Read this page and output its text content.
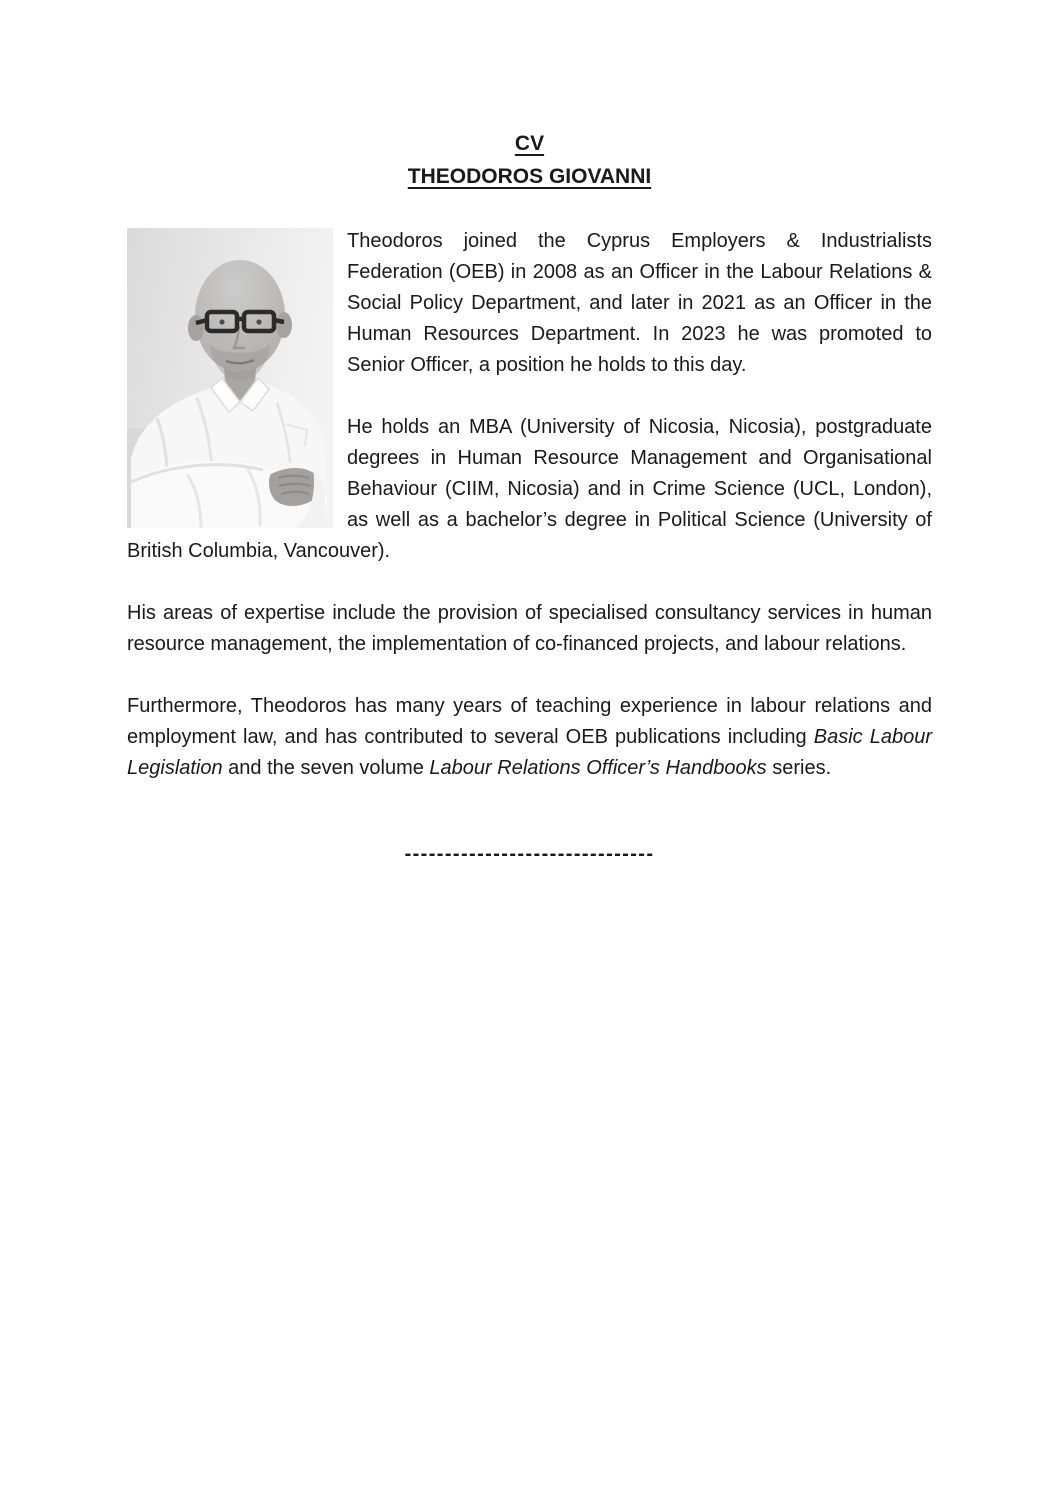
CV
THEODOROS GIOVANNI

Theodoros joined the Cyprus Employers & Industrialists Federation (OEB) in 2008 as an Officer in the Labour Relations & Social Policy Department, and later in 2021 as an Officer in the Human Resources Department. In 2023 he was promoted to Senior Officer, a position he holds to this day.

He holds an MBA (University of Nicosia, Nicosia), postgraduate degrees in Human Resource Management and Organisational Behaviour (CIIM, Nicosia) and in Crime Science (UCL, London), as well as a bachelor’s degree in Political Science (University of British Columbia, Vancouver).

His areas of expertise include the provision of specialised consultancy services in human resource management, the implementation of co-financed projects, and labour relations.

Furthermore, Theodoros has many years of teaching experience in labour relations and employment law, and has contributed to several OEB publications including Basic Labour Legislation and the seven volume Labour Relations Officer’s Handbooks series.

-------------------------------
